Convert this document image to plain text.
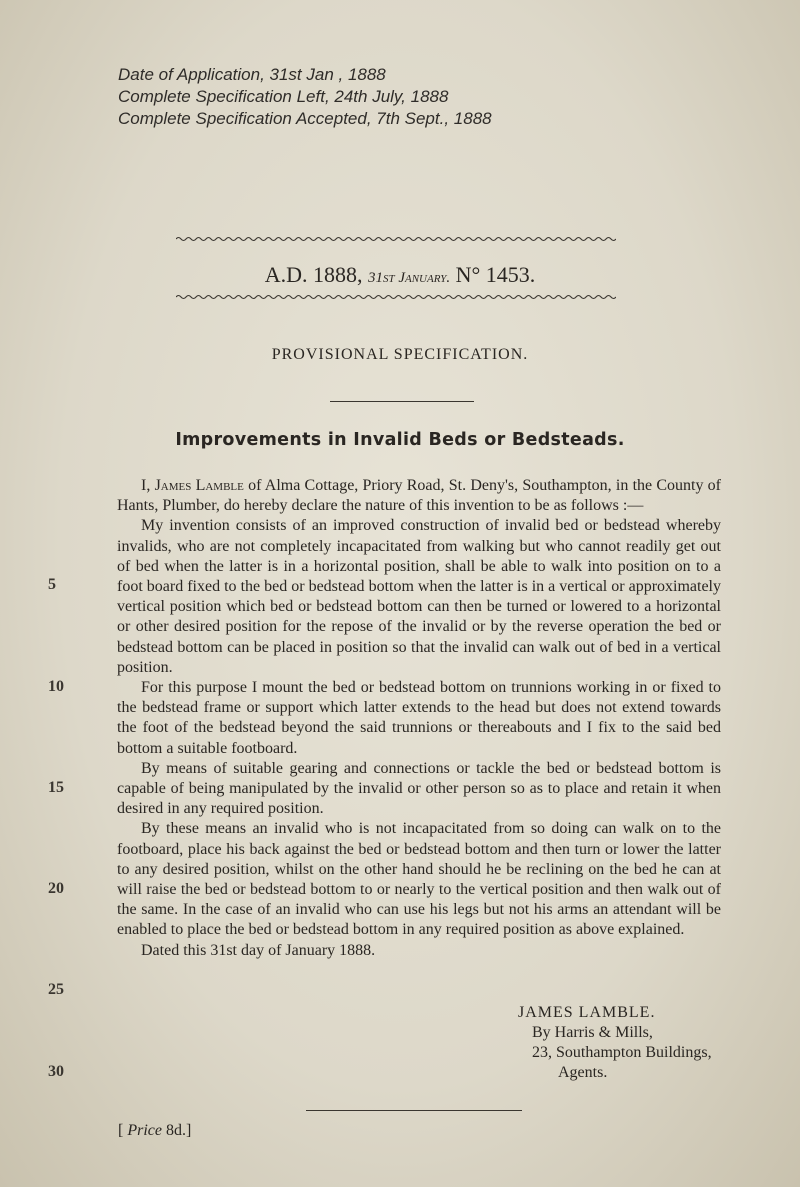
Date of Application, 31st Jan , 1888
Complete Specification Left, 24th July, 1888
Complete Specification Accepted, 7th Sept., 1888
A.D. 1888, 31st January. N° 1453.
PROVISIONAL SPECIFICATION.
Improvements in Invalid Beds or Bedsteads.

I, James Lamble of Alma Cottage, Priory Road, St. Deny's, Southampton, in the County of Hants, Plumber, do hereby declare the nature of this invention to be as follows :—

My invention consists of an improved construction of invalid bed or bedstead whereby invalids, who are not completely incapacitated from walking but who cannot readily get out of bed when the latter is in a horizontal position, shall be able to walk into position on to a foot board fixed to the bed or bedstead bottom when the latter is in a vertical or approximately vertical position which bed or bedstead bottom can then be turned or lowered to a horizontal or other desired position for the repose of the invalid or by the reverse operation the bed or bedstead bottom can be placed in position so that the invalid can walk out of bed in a vertical position.

For this purpose I mount the bed or bedstead bottom on trunnions working in or fixed to the bedstead frame or support which latter extends to the head but does not extend towards the foot of the bedstead beyond the said trunnions or thereabouts and I fix to the said bed bottom a suitable footboard.

By means of suitable gearing and connections or tackle the bed or bedstead bottom is capable of being manipulated by the invalid or other person so as to place and retain it when desired in any required position.

By these means an invalid who is not incapacitated from so doing can walk on to the footboard, place his back against the bed or bedstead bottom and then turn or lower the latter to any desired position, whilst on the other hand should he be reclining on the bed he can at will raise the bed or bedstead bottom to or nearly to the vertical position and then walk out of the same. In the case of an invalid who can use his legs but not his arms an attendant will be enabled to place the bed or bedstead bottom in any required position as above explained.

Dated this 31st day of January 1888.

5
10
15
20
25
30
JAMES LAMBLE.
By Harris & Mills,
23, Southampton Buildings,
Agents.
[ Price 8d.]
